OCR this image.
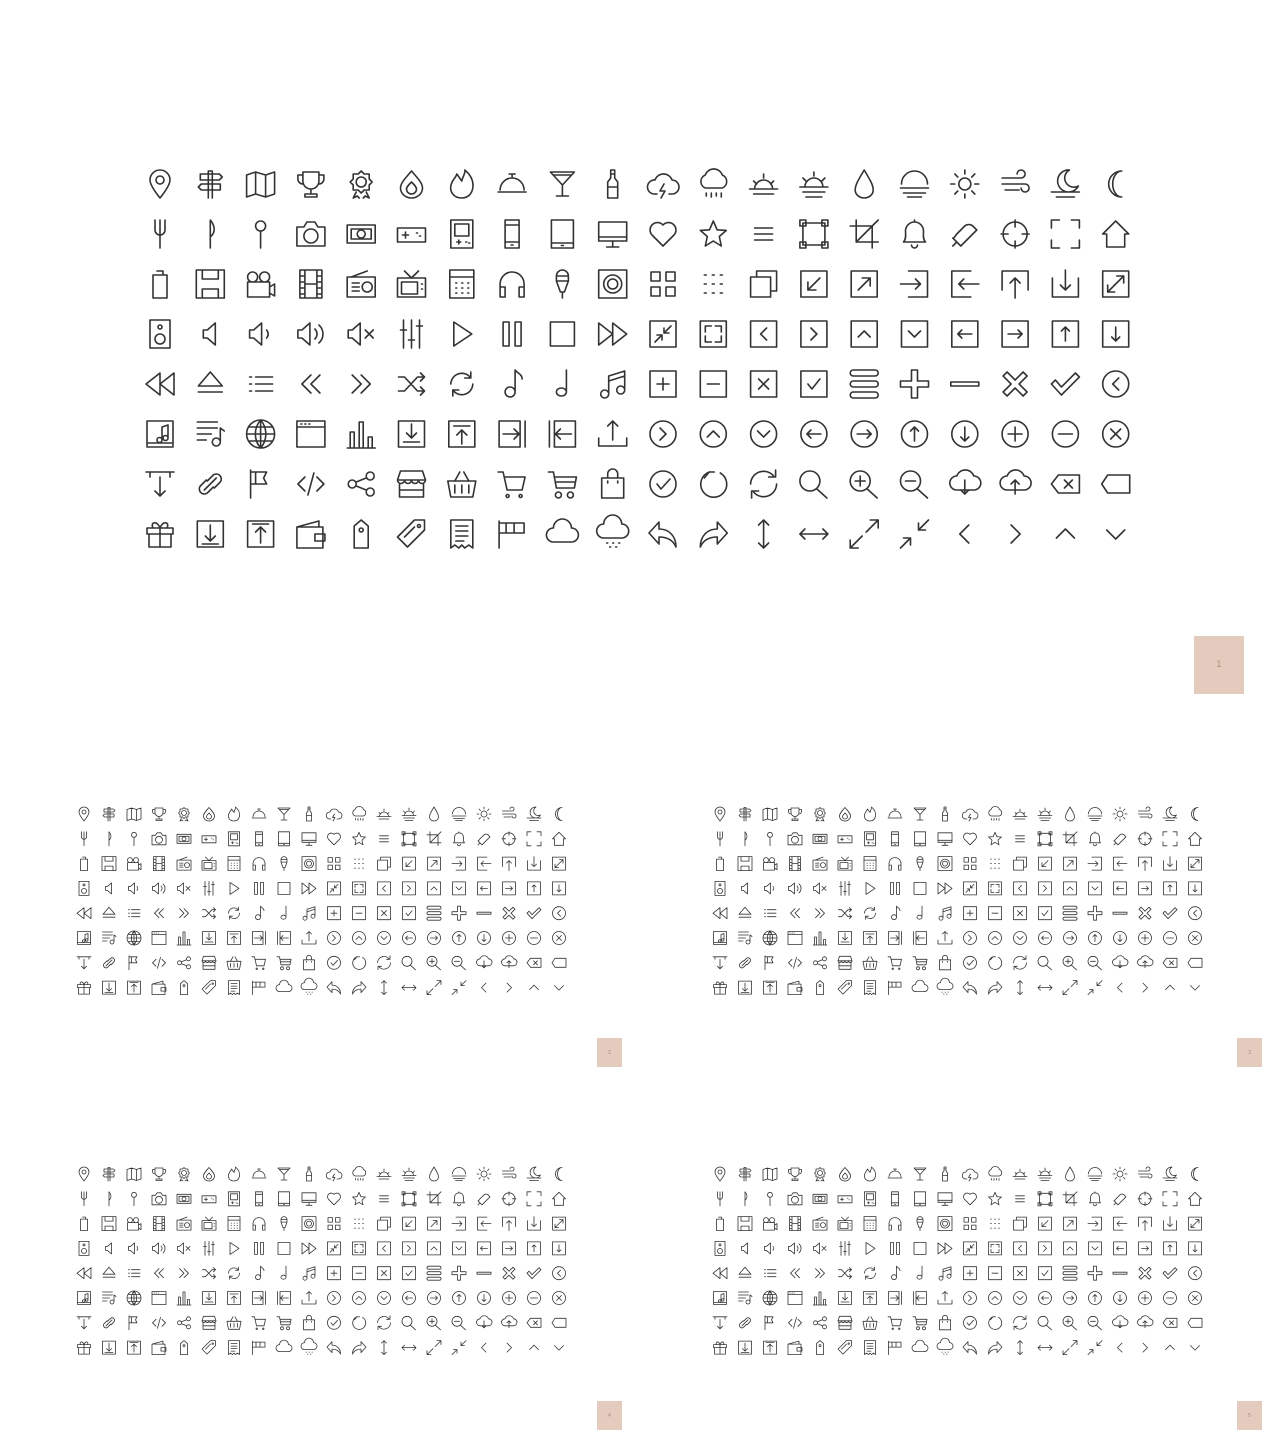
1
2	3
4	5
